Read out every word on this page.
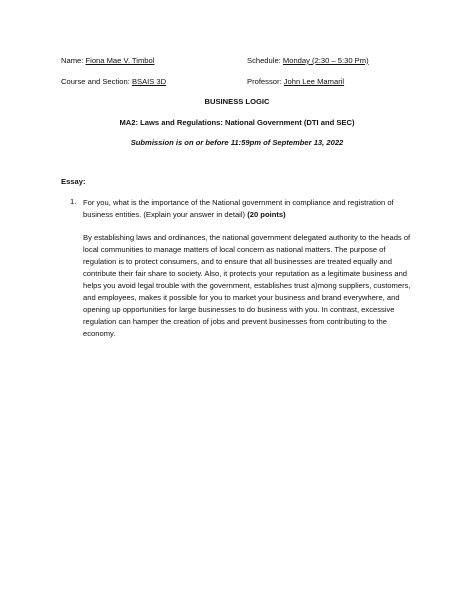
Name: Fiona Mae V. Timbol	Schedule: Monday (2:30 – 5:30 Pm)
Course and Section: BSAIS 3D	Professor: John Lee Mamaril
BUSINESS LOGIC
MA2: Laws and Regulations: National Government (DTI and SEC)
Submission is on or before 11:59pm of September 13, 2022
Essay:
1. For you, what is the importance of the National government in compliance and registration of business entities. (Explain your answer in detail) (20 points)
By establishing laws and ordinances, the national government delegated authority to the heads of local communities to manage matters of local concern as national matters. The purpose of regulation is to protect consumers, and to ensure that all businesses are treated equally and contribute their fair share to society. Also, it protects your reputation as a legitimate business and helps you avoid legal trouble with the government, establishes trust a)mong suppliers, customers, and employees, makes it possible for you to market your business and brand everywhere, and opening up opportunities for large businesses to do business with you. In contrast, excessive regulation can hamper the creation of jobs and prevent businesses from contributing to the economy.
